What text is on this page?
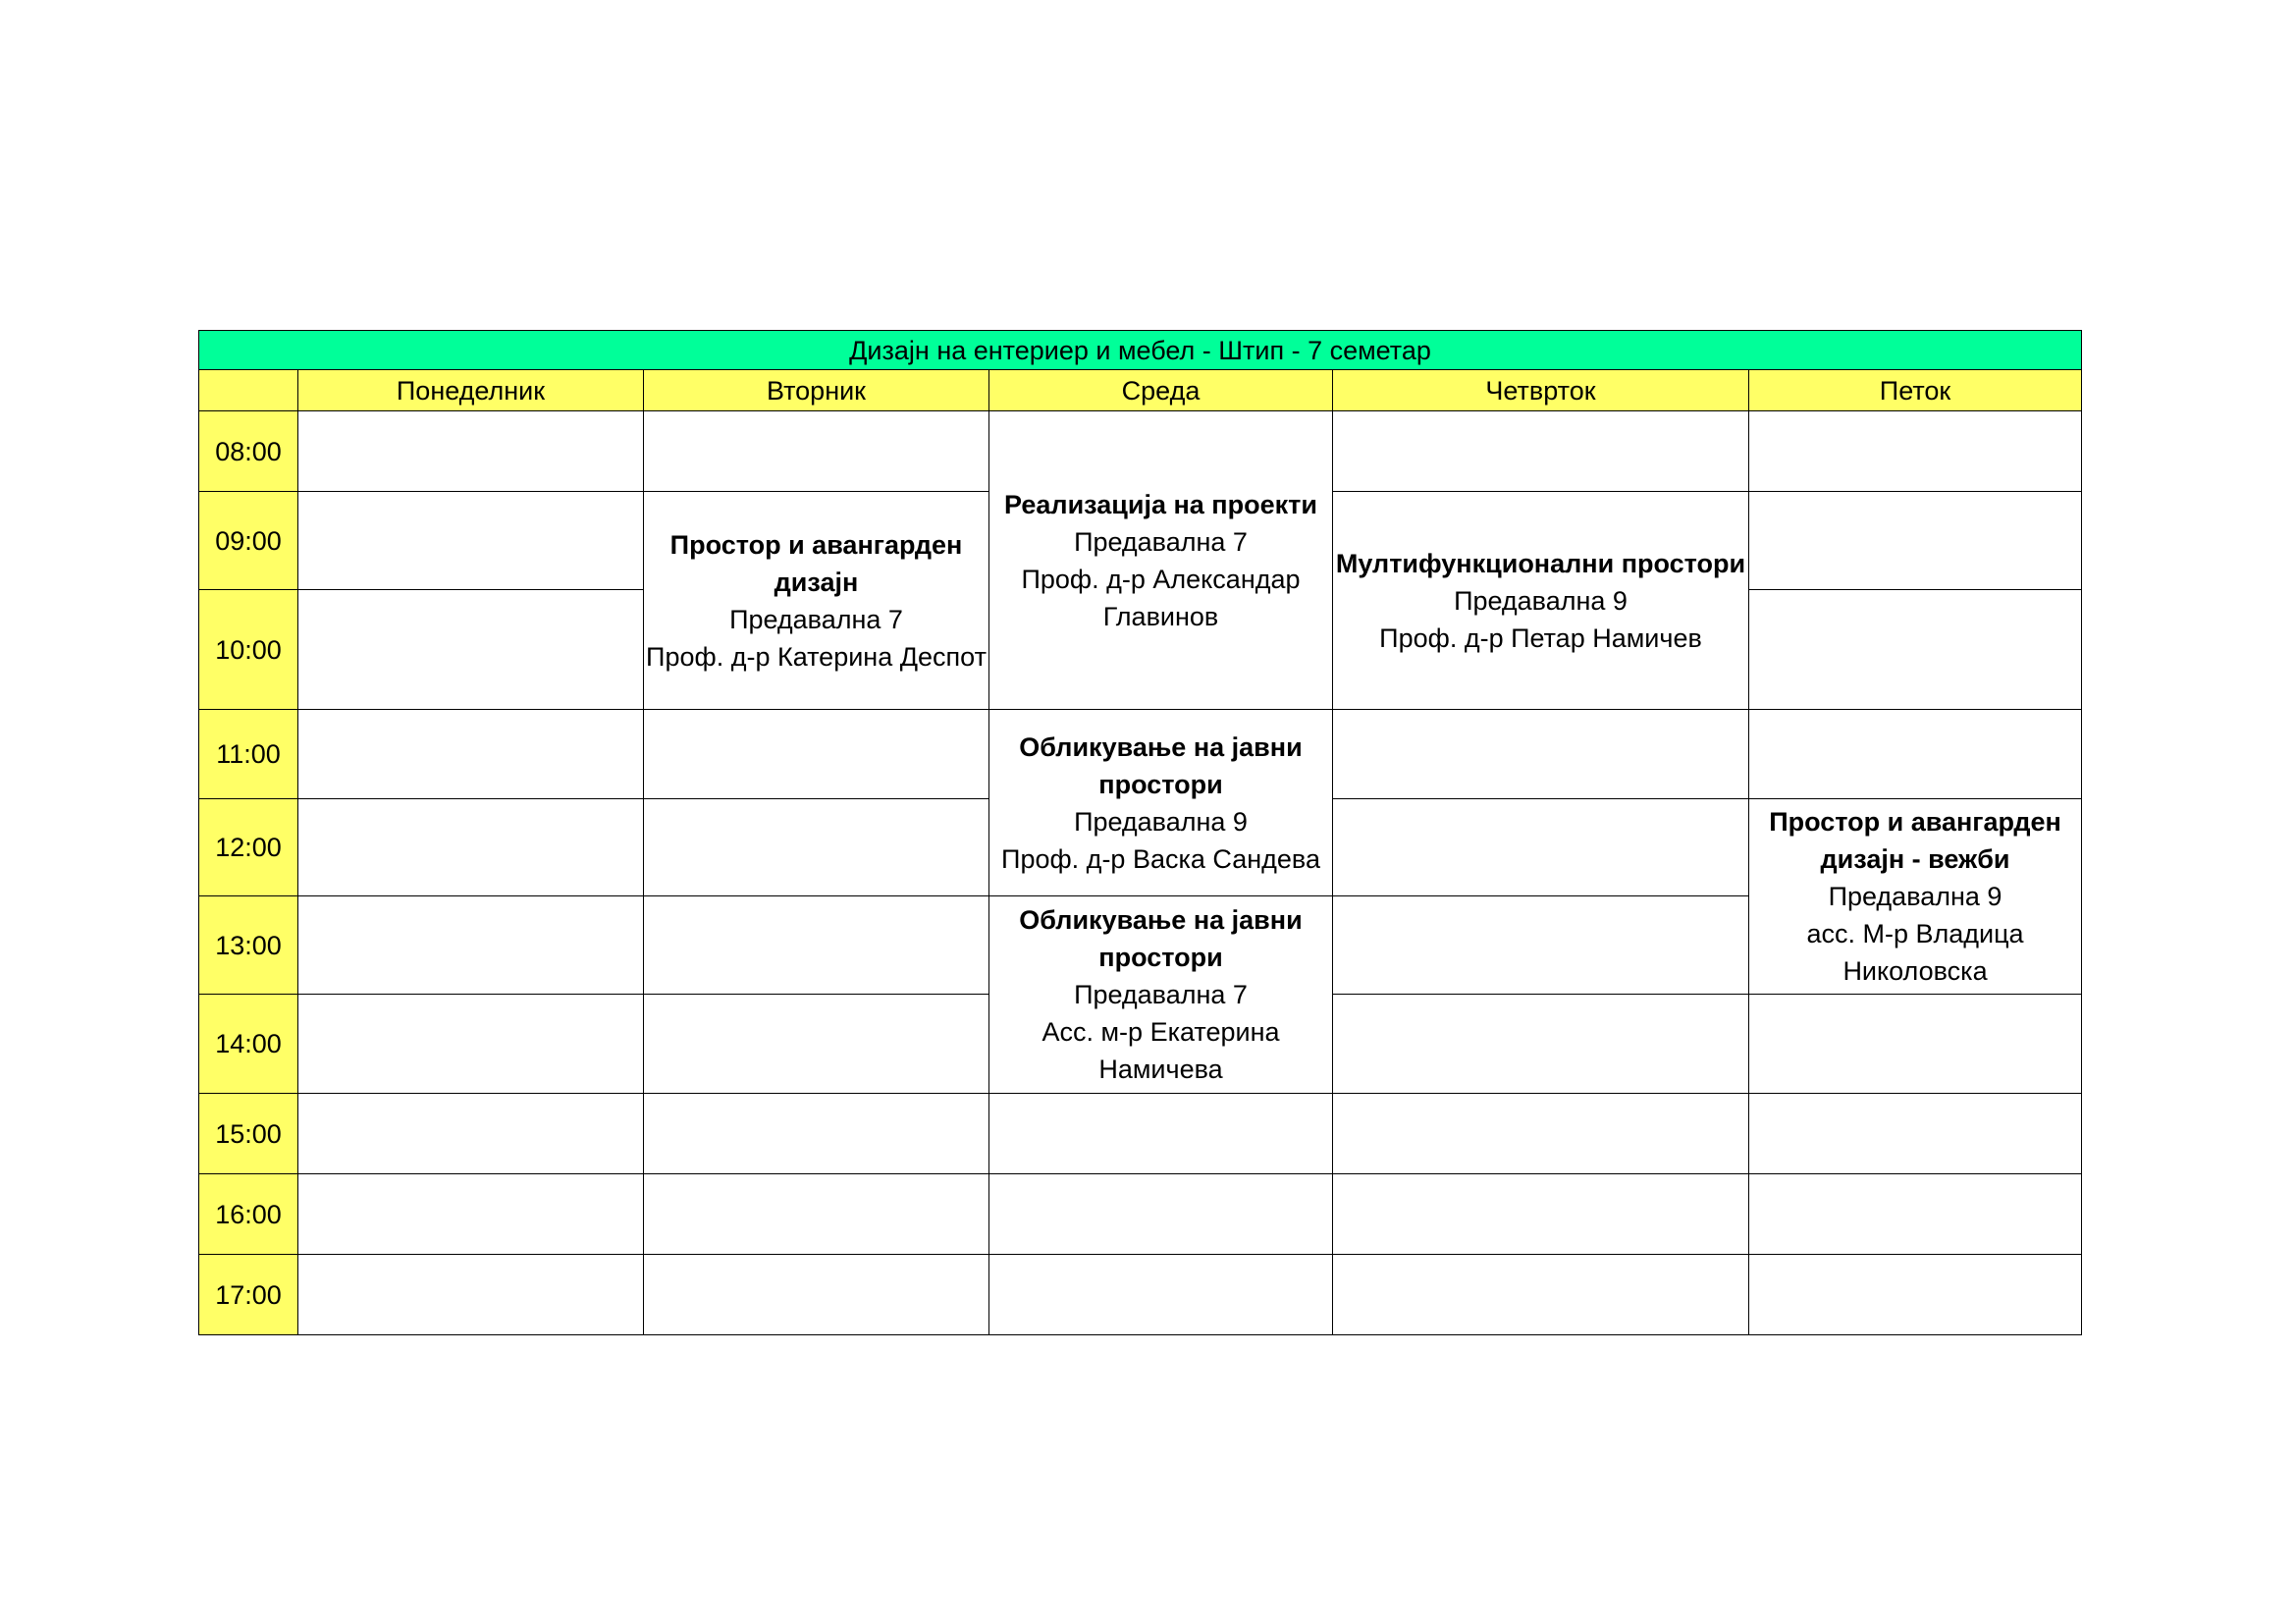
Дизајн на ентериер и мебел - Штип - 7 семетар					
	Понеделник	Вторник	Среда	Четврток	Петок
08:00			Реализација на проекти
Предавална 7
Проф. д-р Александар Главинов		

09:00		Простор и авангарден дизајн
Предавална 7
Проф. д-р Катерина Деспот		Мултифункционални простори
Предавална 9
Проф. д-р Петар Намичев	

10:00					
11:00			Обликување на јавни простори
Предавална 9
Проф. д-р Васка Сандева		

12:00					Простор и авангарден дизајн - вежби
Предавална 9
асс. М-р Владица Николовска

13:00			Обликување на јавни простори
Предавална 7
Асс. м-р Екатерина Намичева		

14:00					
15:00					
16:00					
17:00					
